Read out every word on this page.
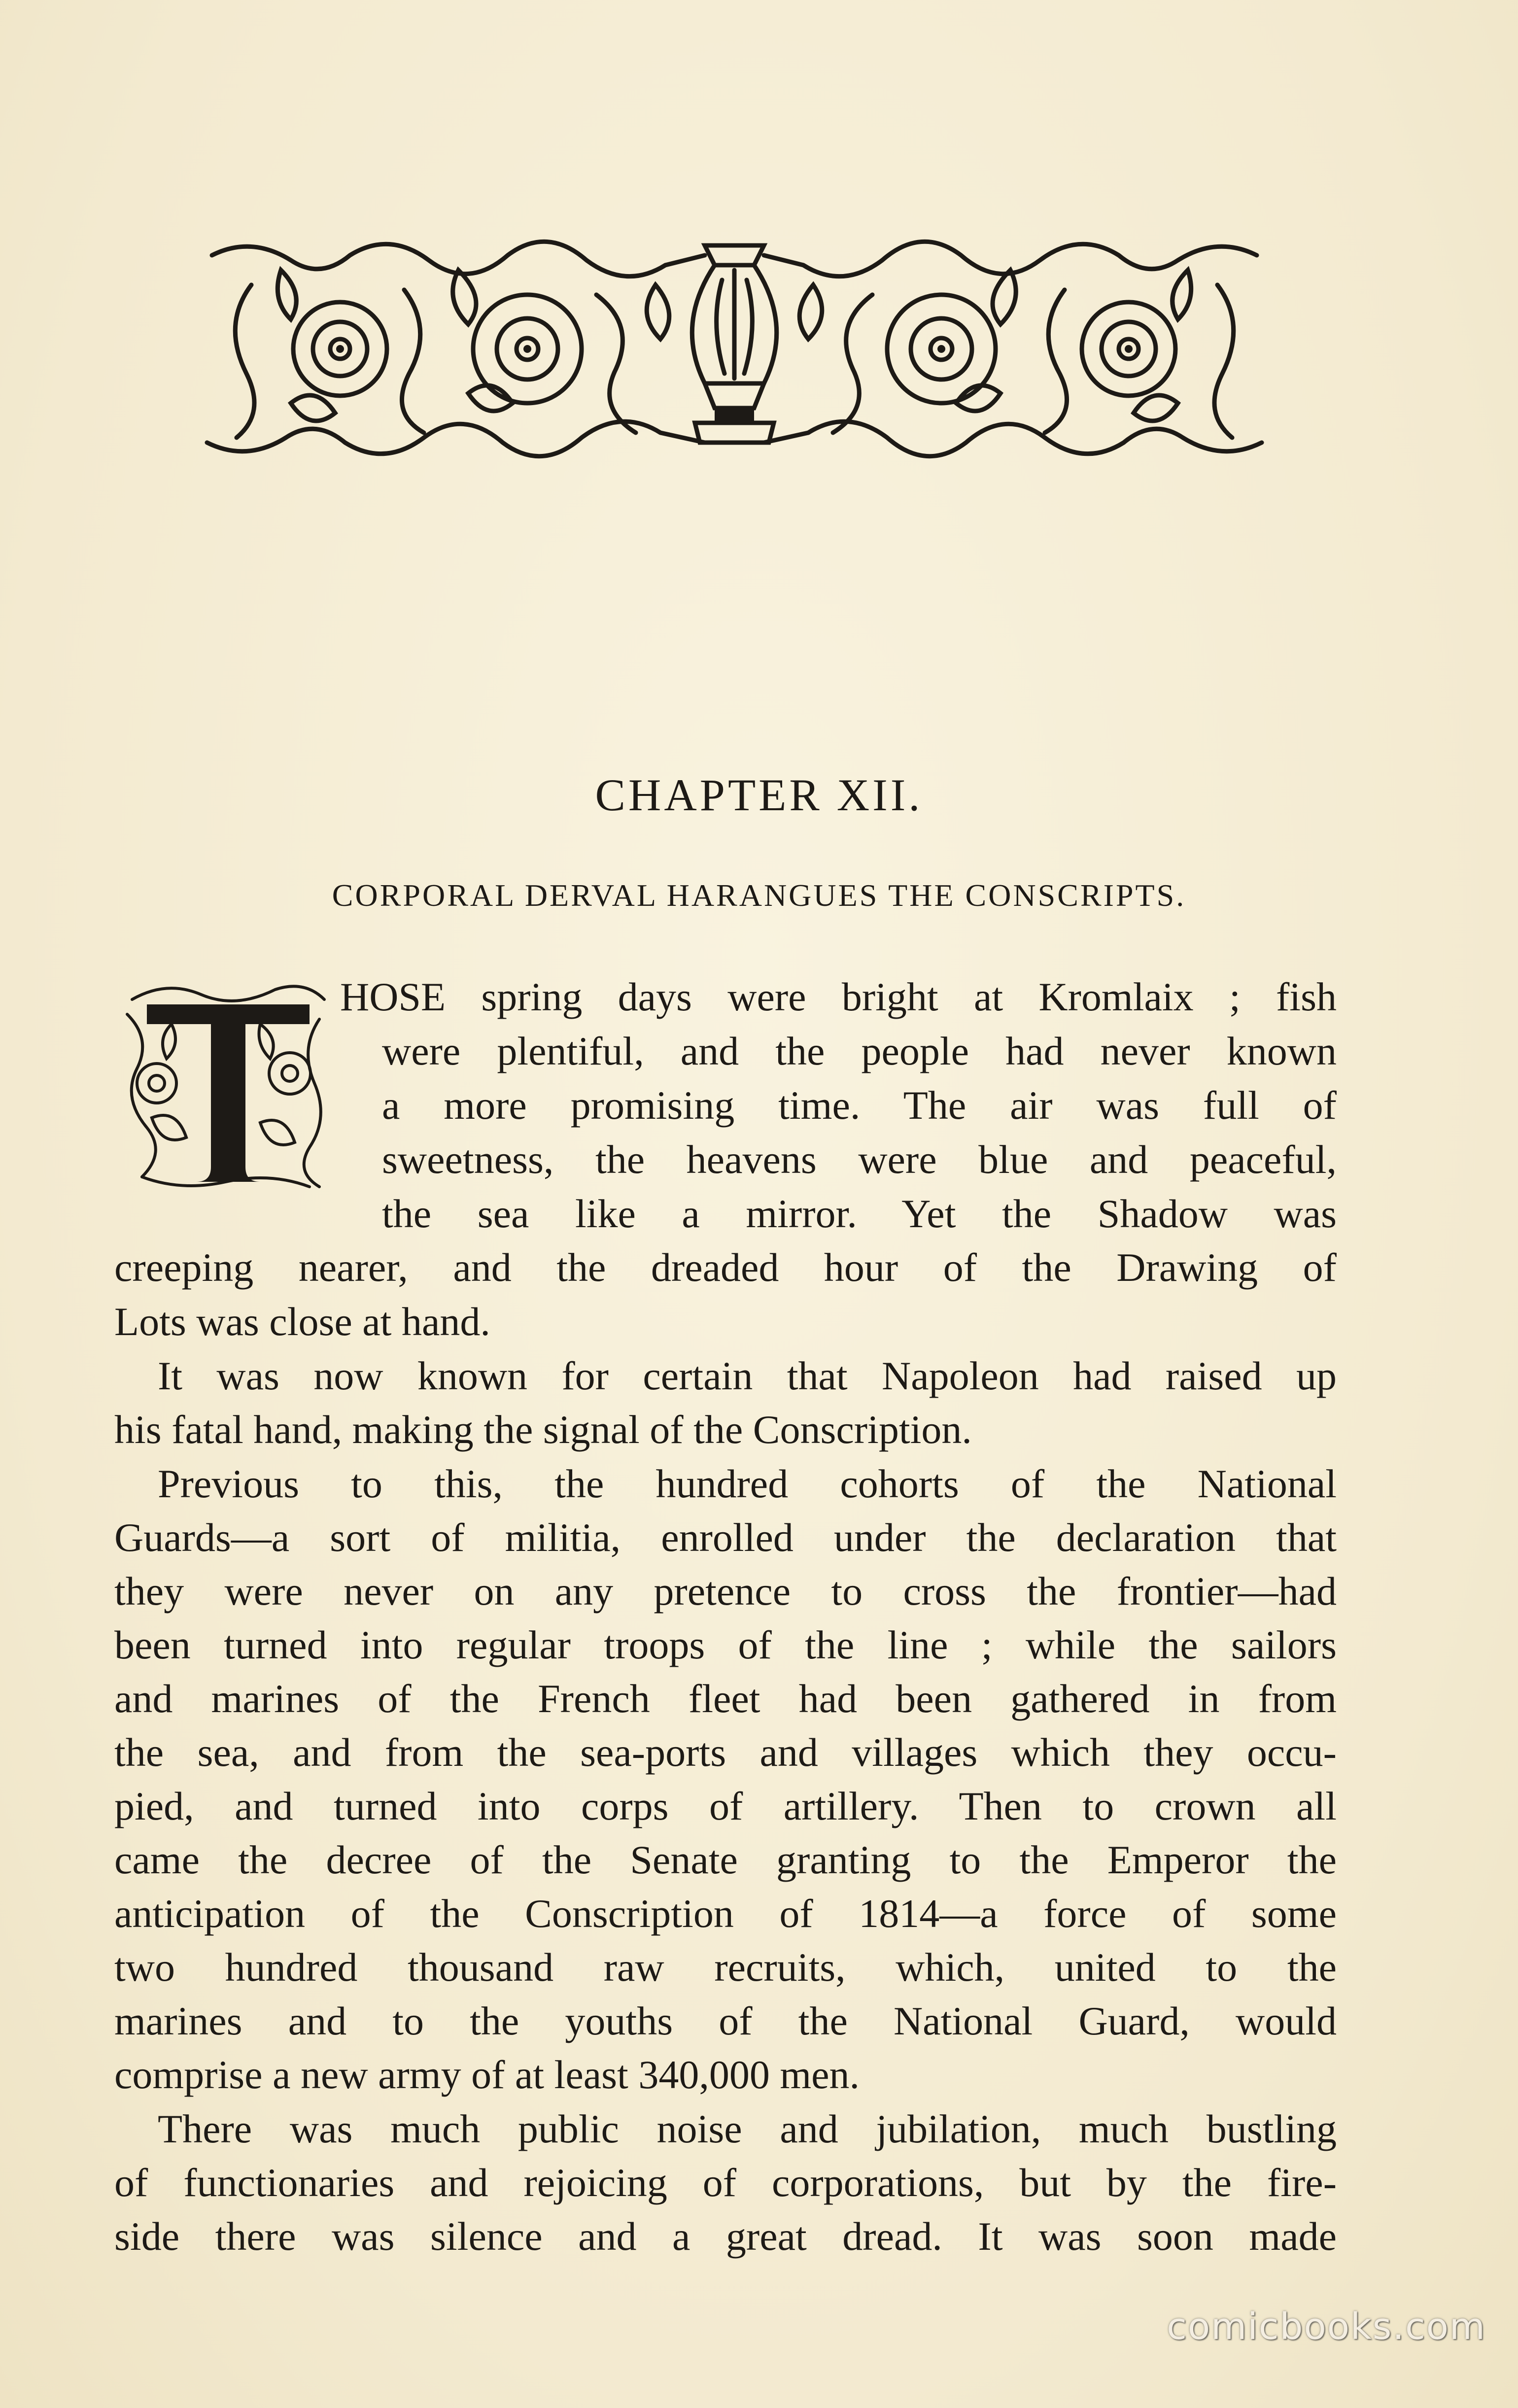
CHAPTER XII.
CORPORAL DERVAL HARANGUES THE CONSCRIPTS.
T
HOSE spring days were bright at Kromlaix ; fish
were plentiful, and the people had never known
a more promising time. The air was full of
sweetness, the heavens were blue and peaceful,
the sea like a mirror. Yet the Shadow was
creeping nearer, and the dreaded hour of the Drawing of
Lots was close at hand.
It was now known for certain that Napoleon had raised up
his fatal hand, making the signal of the Conscription.
Previous to this, the hundred cohorts of the National
Guards—a sort of militia, enrolled under the declaration that
they were never on any pretence to cross the frontier—had
been turned into regular troops of the line ; while the sailors
and marines of the French fleet had been gathered in from
the sea, and from the sea-ports and villages which they occu-
pied, and turned into corps of artillery. Then to crown all
came the decree of the Senate granting to the Emperor the
anticipation of the Conscription of 1814—a force of some
two hundred thousand raw recruits, which, united to the
marines and to the youths of the National Guard, would
comprise a new army of at least 340,000 men.
There was much public noise and jubilation, much bustling
of functionaries and rejoicing of corporations, but by the fire-
side there was silence and a great dread. It was soon made
comicbooks.com
